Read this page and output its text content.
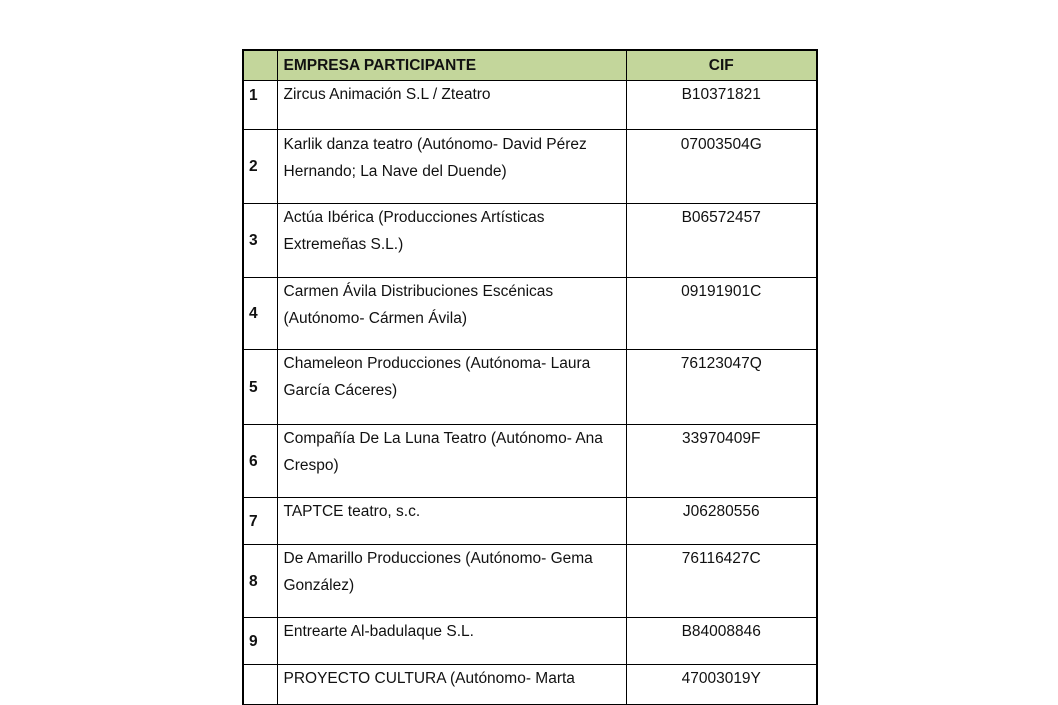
	EMPRESA PARTICIPANTE	CIF
1	Zircus Animación S.L / Zteatro	B10371821
2	Karlik danza teatro (Autónomo- David Pérez Hernando; La Nave del Duende)	07003504G
3	Actúa Ibérica (Producciones Artísticas Extremeñas S.L.)	B06572457
4	Carmen Ávila Distribuciones Escénicas (Autónomo- Cármen Ávila)	09191901C
5	Chameleon Producciones (Autónoma- Laura García Cáceres)	76123047Q
6	Compañía De La Luna Teatro (Autónomo- Ana Crespo)	33970409F
7	TAPTCE teatro, s.c.	J06280556
8	De Amarillo Producciones (Autónomo- Gema González)	76116427C
9	Entrearte Al-badulaque S.L.	B84008846
	PROYECTO CULTURA (Autónomo- Marta	47003019Y
